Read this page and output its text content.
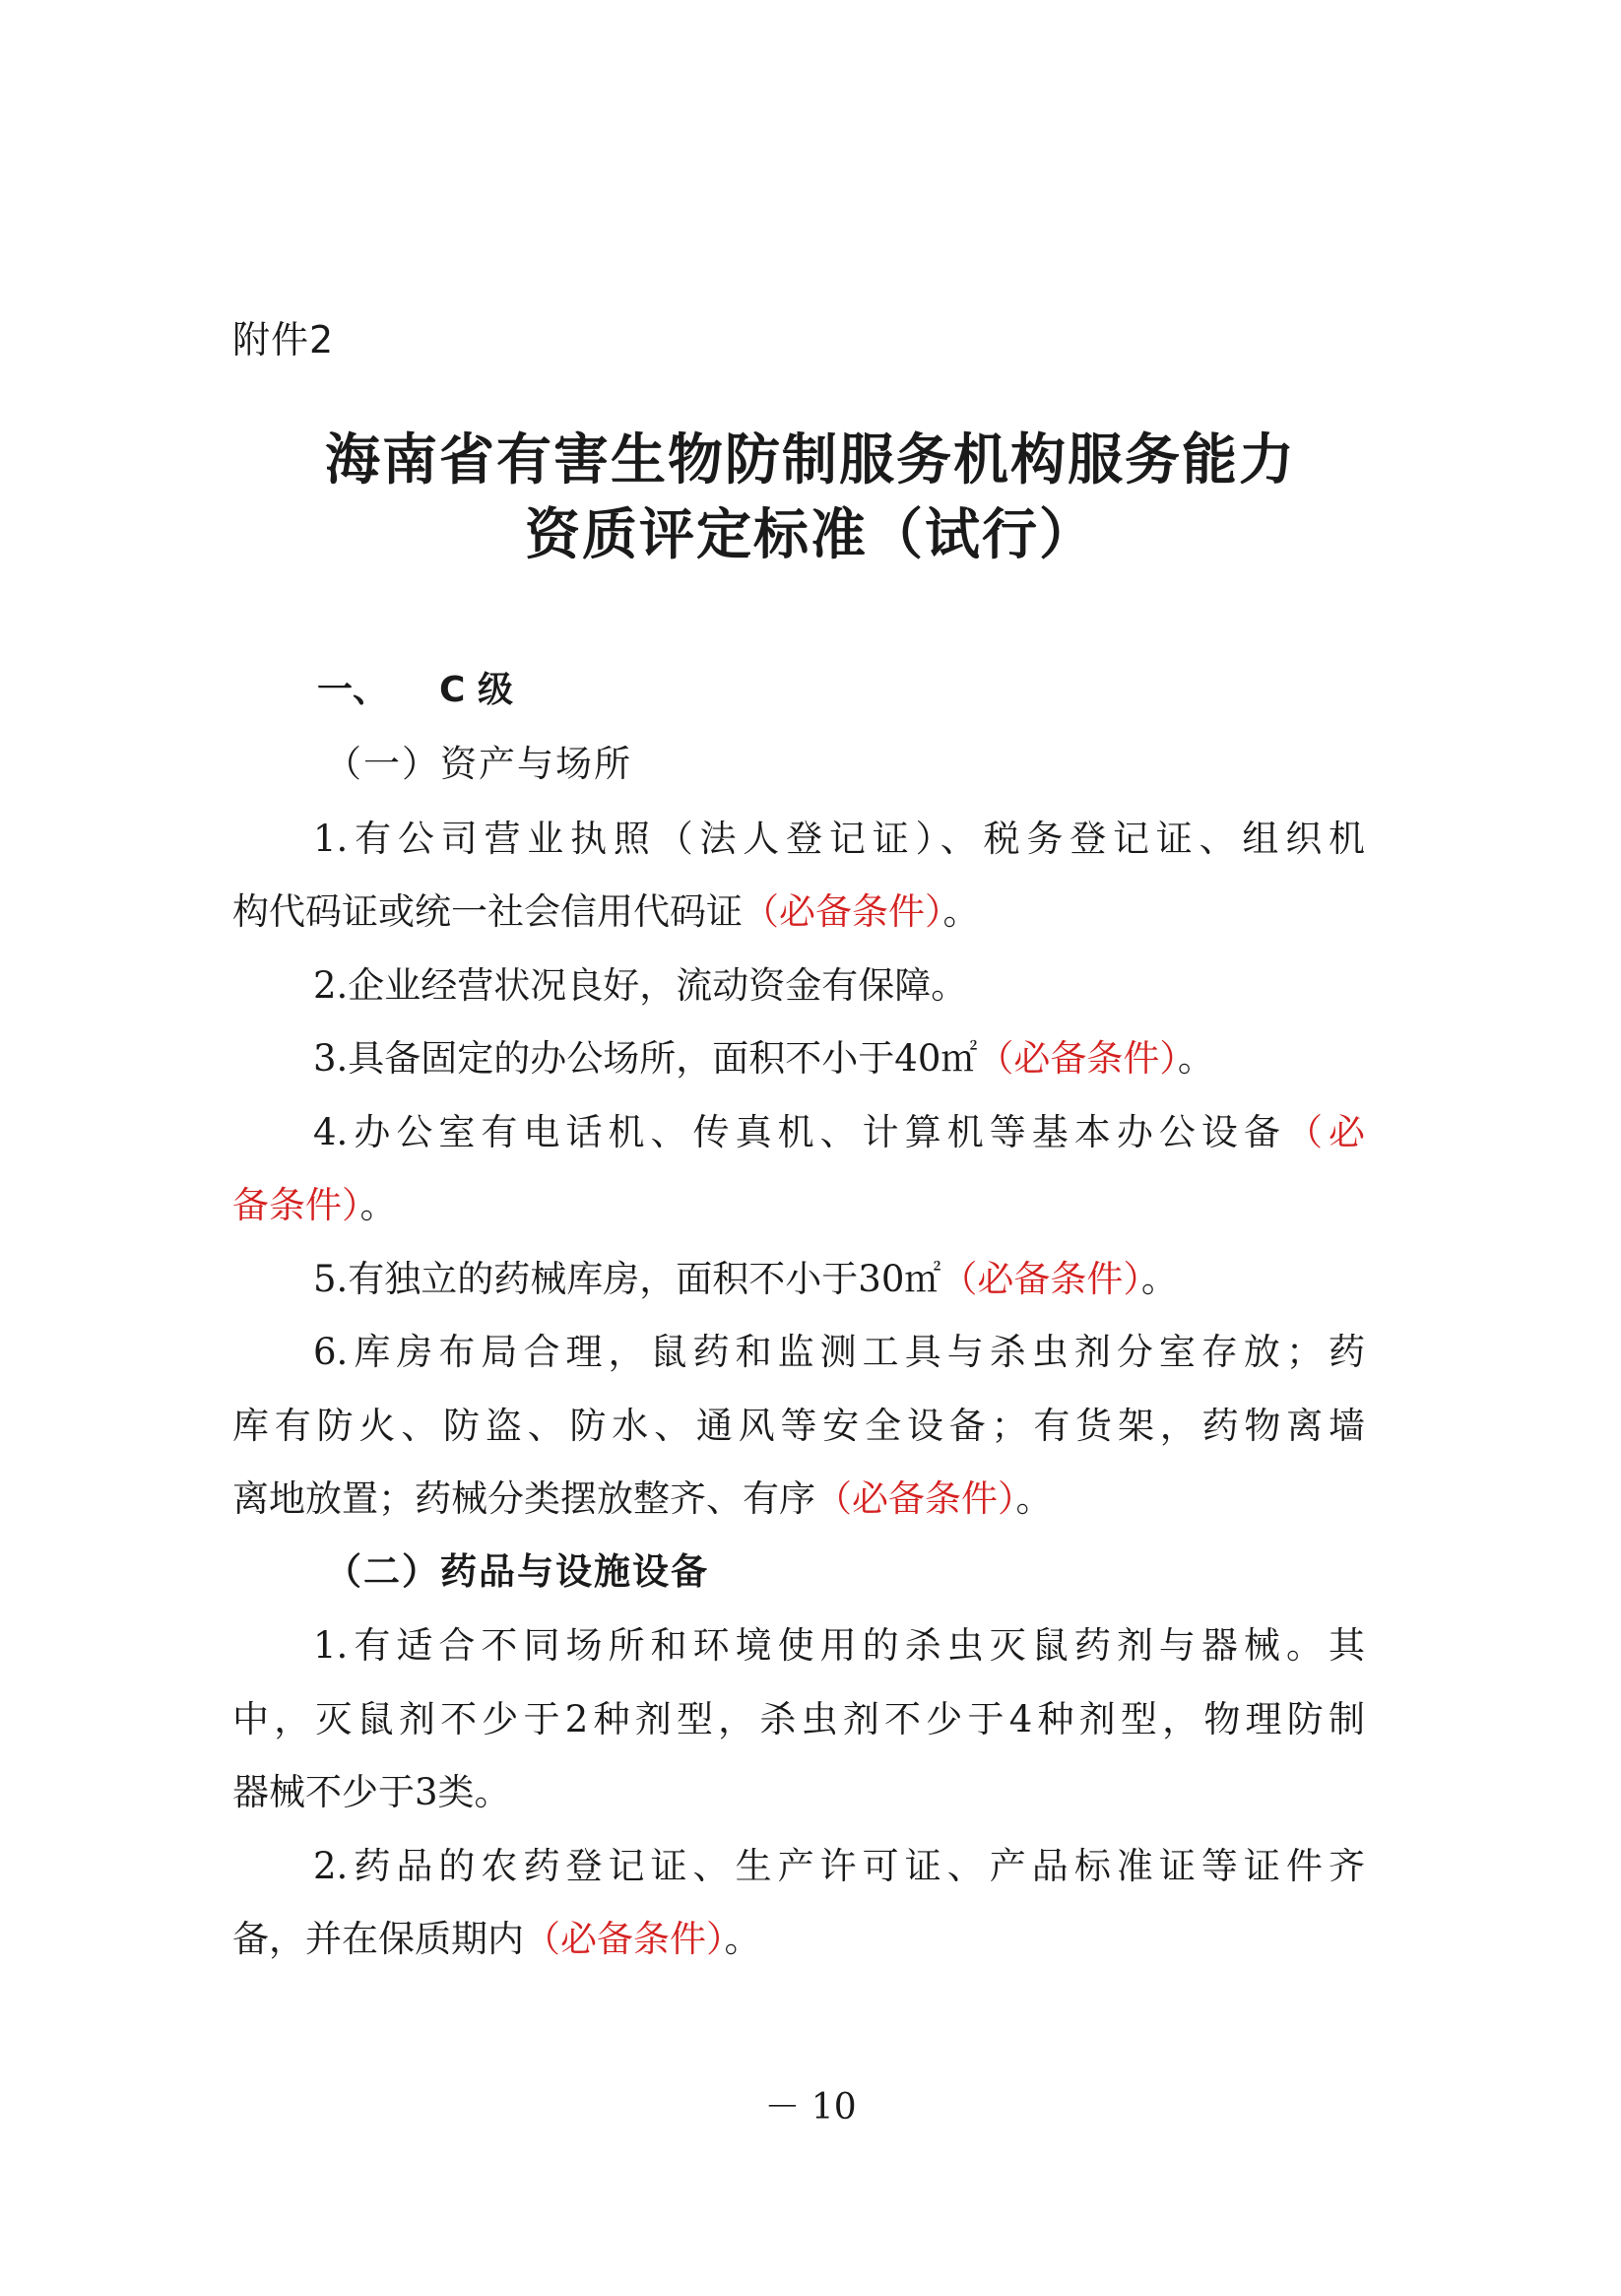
附件2
海南省有害生物防制服务机构服务能力
资质评定标准（试行）
一、 C 级
（一）资产与场所
1.有公司营业执照（法人登记证）、税务登记证、组织机
构代码证或统一社会信用代码证（必备条件）。
2.企业经营状况良好，流动资金有保障。
3.具备固定的办公场所，面积不小于40㎡（必备条件）。
4.办公室有电话机、传真机、计算机等基本办公设备（必
备条件）。
5.有独立的药械库房，面积不小于30㎡（必备条件）。
6.库房布局合理，鼠药和监测工具与杀虫剂分室存放；药
库有防火、防盗、防水、通风等安全设备；有货架，药物离墙
离地放置；药械分类摆放整齐、有序（必备条件）。
（二）药品与设施设备
1.有适合不同场所和环境使用的杀虫灭鼠药剂与器械。其
中，灭鼠剂不少于2种剂型，杀虫剂不少于4种剂型，物理防制
器械不少于3类。
2.药品的农药登记证、生产许可证、产品标准证等证件齐
备，并在保质期内（必备条件）。
－ 10
